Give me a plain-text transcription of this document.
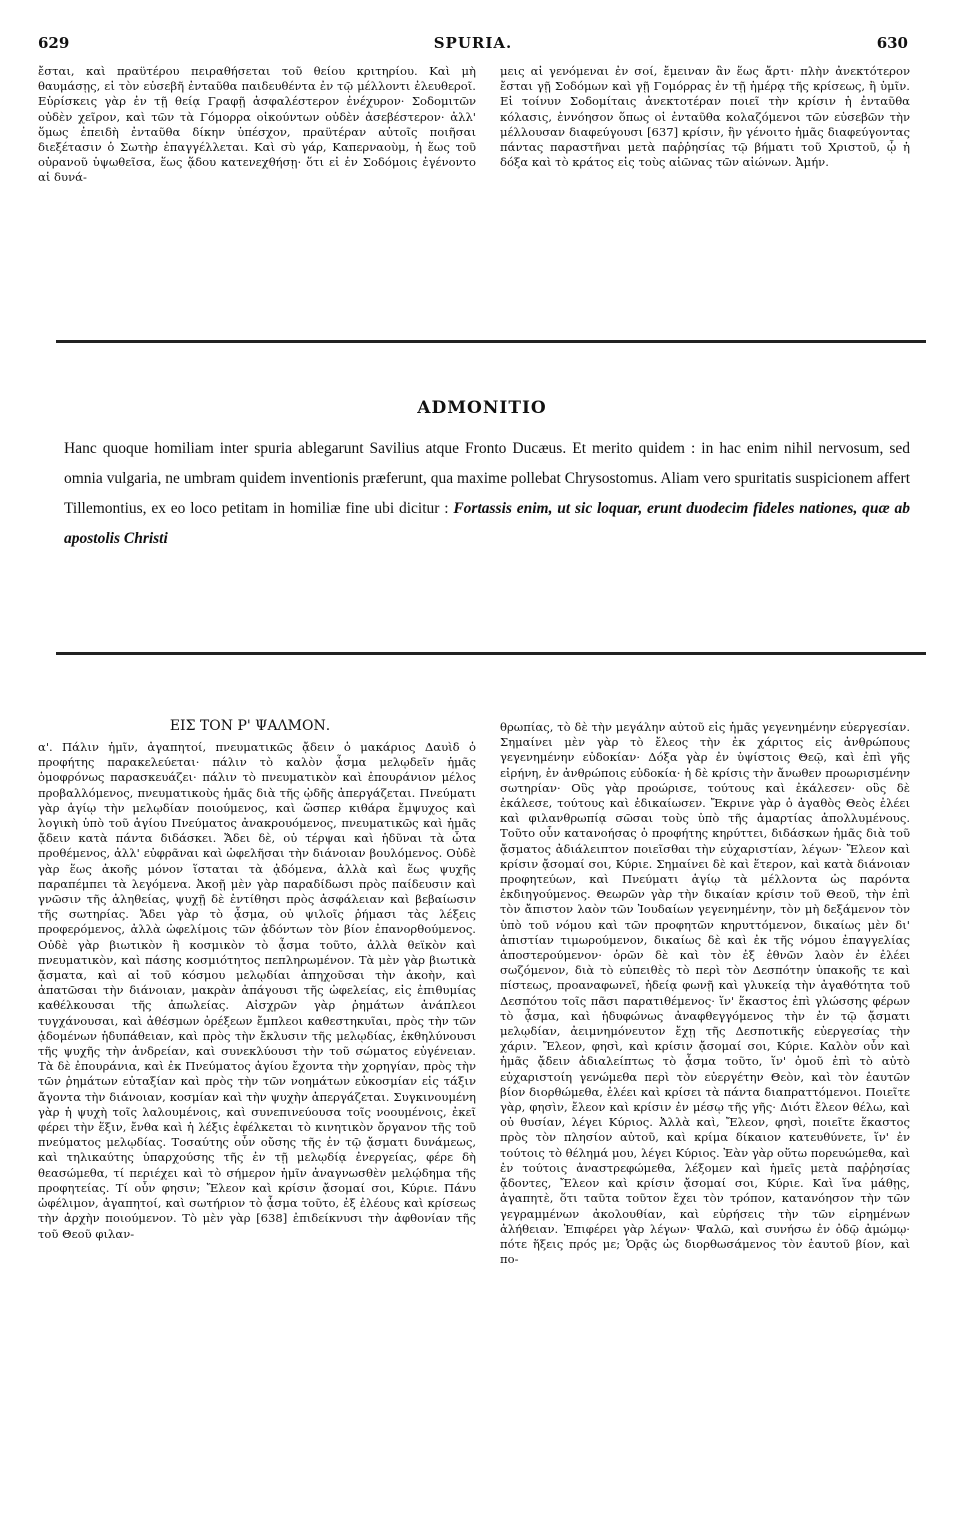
629	SPURIA.	630

ἔσται, καὶ πραϋτέρου πειραθήσεται τοῦ θείου κριτηρίου. Καὶ μὴ θαυμάσῃς, εἰ τὸν εὐσεβῆ ἐνταῦθα παιδευθέντα ἐν τῷ μέλλοντι ἐλευθεροῖ. Εὑρίσκεις γὰρ ἐν τῇ θείᾳ Γραφῇ ἀσφαλέστερον ἐνέχυρον· Σοδομιτῶν οὐδὲν χεῖρον, καὶ τῶν τὰ Γόμορρα οἰκούντων οὐδὲν ἀσεβέστερον· ἀλλ' ὅμως ἐπειδὴ ἐνταῦθα δίκην ὑπέσχον, πραϋτέραν αὐτοῖς ποιῆσαι διεξέτασιν ὁ Σωτὴρ ἐπαγγέλλεται. Καὶ σὺ γάρ, Καπερναοὺμ, ἡ ἕως τοῦ οὐρανοῦ ὑψωθεῖσα, ἕως ᾅδου κατενεχθήσῃ· ὅτι εἰ ἐν Σοδόμοις ἐγένοντο αἱ δυνά-

μεις αἱ γενόμεναι ἐν σοί, ἔμειναν ἂν ἕως ἄρτι· πλὴν ἀνεκτότερον ἔσται γῇ Σοδόμων καὶ γῇ Γομόρρας ἐν τῇ ἡμέρᾳ τῆς κρίσεως, ἢ ὑμῖν. Εἰ τοίνυν Σοδομίταις ἀνεκτοτέραν ποιεῖ τὴν κρίσιν ἡ ἐνταῦθα κόλασις, ἐννόησον ὅπως οἱ ἐνταῦθα κολαζόμενοι τῶν εὐσεβῶν τὴν μέλλουσαν διαφεύγουσι [637] κρίσιν, ἣν γένοιτο ἡμᾶς διαφεύγοντας πάντας παραστῆναι μετὰ παῤῥησίας τῷ βήματι τοῦ Χριστοῦ, ᾧ ἡ δόξα καὶ τὸ κράτος εἰς τοὺς αἰῶνας τῶν αἰώνων. Ἀμήν.

ADMONITIO
Hanc quoque homiliam inter spuria ablegarunt Savilius atque Fronto Ducæus. Et merito quidem : in hac enim nihil nervosum, sed omnia vulgaria, ne umbram quidem inventionis præferunt, qua maxime pollebat Chrysostomus. Aliam vero spuritatis suspicionem affert Tillemontius, ex eo loco petitam in homiliæ fine ubi dicitur : Fortassis enim, ut sic loquar, erunt duodecim fideles nationes, quæ ab apostolis Christi
ΕΙΣ ΤΟΝ Ρ' ΨΑΛΜΟΝ.

α'. Πάλιν ἡμῖν, ἀγαπητοί, πνευματικῶς ᾄδειν ὁ μακάριος Δαυὶδ ὁ προφήτης παρακελεύεται· πάλιν τὸ καλὸν ᾆσμα μελῳδεῖν ἡμᾶς ὁμοφρόνως παρασκευάζει· πάλιν τὸ πνευματικὸν καὶ ἐπουράνιον μέλος προβαλλόμενος, πνευματικοὺς ἡμᾶς διὰ τῆς ᾠδῆς ἀπεργάζεται. Πνεύματι γὰρ ἁγίῳ τὴν μελῳδίαν ποιούμενος, καὶ ὥσπερ κιθάρα ἔμψυχος καὶ λογικὴ ὑπὸ τοῦ ἁγίου Πνεύματος ἀνακρουόμενος, πνευματικῶς καὶ ἡμᾶς ᾄδειν κατὰ πάντα διδάσκει. Ἄδει δὲ, οὐ τέρψαι καὶ ἡδῦναι τὰ ὦτα προθέμενος, ἀλλ' εὐφρᾶναι καὶ ὠφελῆσαι τὴν διάνοιαν βουλόμενος. Οὐδὲ γὰρ ἕως ἀκοῆς μόνον ἵσταται τὰ ᾀδόμενα, ἀλλὰ καὶ ἕως ψυχῆς παραπέμπει τὰ λεγόμενα. Ἀκοῇ μὲν γὰρ παραδίδωσι πρὸς παίδευσιν καὶ γνῶσιν τῆς ἀληθείας, ψυχῇ δὲ ἐντίθησι πρὸς ἀσφάλειαν καὶ βεβαίωσιν τῆς σωτηρίας. Ἄδει γὰρ τὸ ᾆσμα, οὐ ψιλοῖς ῥήμασι τὰς λέξεις προφερόμενος, ἀλλὰ ὠφελίμοις τῶν ᾀδόντων τὸν βίον ἐπανορθούμενος. Οὐδὲ γὰρ βιωτικὸν ἢ κοσμικὸν τὸ ᾆσμα τοῦτο, ἀλλὰ θεϊκὸν καὶ πνευματικὸν, καὶ πάσης κοσμιότητος πεπληρωμένον. Τὰ μὲν γὰρ βιωτικὰ ᾄσματα, καὶ αἱ τοῦ κόσμου μελῳδίαι ἀπηχοῦσαι τὴν ἀκοὴν, καὶ ἀπατῶσαι τὴν διάνοιαν, μακρὰν ἀπάγουσι τῆς ὠφελείας, εἰς ἐπιθυμίας καθέλκουσαι τῆς ἀπωλείας. Αἰσχρῶν γὰρ ῥημάτων ἀνάπλεοι τυγχάνουσαι, καὶ ἀθέσμων ὀρέξεων ἔμπλεοι καθεστηκυῖαι, πρὸς τὴν τῶν ᾀδομένων ἡδυπάθειαν, καὶ πρὸς τὴν ἔκλυσιν τῆς μελῳδίας, ἐκθηλύνουσι τῆς ψυχῆς τὴν ἀνδρείαν, καὶ συνεκλύουσι τὴν τοῦ σώματος εὐγένειαν. Τὰ δὲ ἐπουράνια, καὶ ἐκ Πνεύματος ἁγίου ἔχοντα τὴν χορηγίαν, πρὸς τὴν τῶν ῥημάτων εὐταξίαν καὶ πρὸς τὴν τῶν νοημάτων εὐκοσμίαν εἰς τάξιν ἄγοντα τὴν διάνοιαν, κοσμίαν καὶ τὴν ψυχὴν ἀπεργάζεται. Συγκινουμένη γὰρ ἡ ψυχὴ τοῖς λαλουμένοις, καὶ συνεπινεύουσα τοῖς νοουμένοις, ἐκεῖ φέρει τὴν ἕξιν, ἔνθα καὶ ἡ λέξις ἐφέλκεται τὸ κινητικὸν ὄργανον τῆς τοῦ πνεύματος μελῳδίας. Τοσαύτης οὖν οὔσης τῆς ἐν τῷ ᾄσματι δυνάμεως, καὶ τηλικαύτης ὑπαρχούσης τῆς ἐν τῇ μελῳδίᾳ ἐνεργείας, φέρε δὴ θεασώμεθα, τί περιέχει καὶ τὸ σήμερον ἡμῖν ἀναγνωσθὲν μελῴδημα τῆς προφητείας. Τί οὖν φησιν; Ἔλεον καὶ κρίσιν ᾄσομαί σοι, Κύριε. Πάνυ ὠφέλιμον, ἀγαπητοί, καὶ σωτήριον τὸ ᾆσμα τοῦτο, ἐξ ἐλέους καὶ κρίσεως τὴν ἀρχὴν ποιούμενον. Τὸ μὲν γὰρ [638] ἐπιδείκνυσι τὴν ἀφθονίαν τῆς τοῦ Θεοῦ φιλαν-

θρωπίας, τὸ δὲ τὴν μεγάλην αὐτοῦ εἰς ἡμᾶς γεγενημένην εὐεργεσίαν. Σημαίνει μὲν γὰρ τὸ ἔλεος τὴν ἐκ χάριτος εἰς ἀνθρώπους γεγενημένην εὐδοκίαν· Δόξα γὰρ ἐν ὑψίστοις Θεῷ, καὶ ἐπὶ γῆς εἰρήνη, ἐν ἀνθρώποις εὐδοκία· ἡ δὲ κρίσις τὴν ἄνωθεν προωρισμένην σωτηρίαν· Οὓς γὰρ προώρισε, τούτους καὶ ἐκάλεσεν· οὓς δὲ ἐκάλεσε, τούτους καὶ ἐδικαίωσεν. Ἔκρινε γὰρ ὁ ἀγαθὸς Θεὸς ἐλέει καὶ φιλανθρωπίᾳ σῶσαι τοὺς ὑπὸ τῆς ἁμαρτίας ἀπολλυμένους. Τοῦτο οὖν κατανοήσας ὁ προφήτης κηρύττει, διδάσκων ἡμᾶς διὰ τοῦ ᾄσματος ἀδιάλειπτον ποιεῖσθαι τὴν εὐχαριστίαν, λέγων· Ἔλεον καὶ κρίσιν ᾄσομαί σοι, Κύριε. Σημαίνει δὲ καὶ ἕτερον, καὶ κατὰ διάνοιαν προφητεύων, καὶ Πνεύματι ἁγίῳ τὰ μέλλοντα ὡς παρόντα ἐκδιηγούμενος. Θεωρῶν γὰρ τὴν δικαίαν κρίσιν τοῦ Θεοῦ, τὴν ἐπὶ τὸν ἄπιστον λαὸν τῶν Ἰουδαίων γεγενημένην, τὸν μὴ δεξάμενον τὸν ὑπὸ τοῦ νόμου καὶ τῶν προφητῶν κηρυττόμενον, δικαίως μὲν δι' ἀπιστίαν τιμωρούμενον, δικαίως δὲ καὶ ἐκ τῆς νόμου ἐπαγγελίας ἀποστερούμενον· ὁρῶν δὲ καὶ τὸν ἐξ ἐθνῶν λαὸν ἐν ἐλέει σωζόμενον, διὰ τὸ εὐπειθὲς τὸ περὶ τὸν Δεσπότην ὑπακοῆς τε καὶ πίστεως, προαναφωνεῖ, ἡδείᾳ φωνῇ καὶ γλυκείᾳ τὴν ἀγαθότητα τοῦ Δεσπότου τοῖς πᾶσι παρατιθέμενος· ἵν' ἕκαστος ἐπὶ γλώσσης φέρων τὸ ᾆσμα, καὶ ἡδυφώνως ἀναφθεγγόμενος τὴν ἐν τῷ ᾄσματι μελῳδίαν, ἀειμνημόνευτον ἔχῃ τῆς Δεσποτικῆς εὐεργεσίας τὴν χάριν. Ἔλεον, φησὶ, καὶ κρίσιν ᾄσομαί σοι, Κύριε. Καλὸν οὖν καὶ ἡμᾶς ᾄδειν ἀδιαλείπτως τὸ ᾆσμα τοῦτο, ἵν' ὁμοῦ ἐπὶ τὸ αὐτὸ εὐχαριστοίη γενώμεθα περὶ τὸν εὐεργέτην Θεὸν, καὶ τὸν ἑαυτῶν βίον διορθώμεθα, ἐλέει καὶ κρίσει τὰ πάντα διαπραττόμενοι. Ποιεῖτε γὰρ, φησὶν, ἔλεον καὶ κρίσιν ἐν μέσῳ τῆς γῆς· Διότι ἔλεον θέλω, καὶ οὐ θυσίαν, λέγει Κύριος. Ἀλλὰ καὶ, Ἔλεον, φησὶ, ποιεῖτε ἕκαστος πρὸς τὸν πλησίον αὐτοῦ, καὶ κρίμα δίκαιον κατευθύνετε, ἵν' ἐν τούτοις τὸ θέλημά μου, λέγει Κύριος. Ἐὰν γὰρ οὕτω πορευώμεθα, καὶ ἐν τούτοις ἀναστρεφώμεθα, λέξομεν καὶ ἡμεῖς μετὰ παῤῥησίας ᾄδοντες, Ἔλεον καὶ κρίσιν ᾄσομαί σοι, Κύριε. Καὶ ἵνα μάθῃς, ἀγαπητὲ, ὅτι ταῦτα τοῦτον ἔχει τὸν τρόπον, κατανόησον τὴν τῶν γεγραμμένων ἀκολουθίαν, καὶ εὑρήσεις τὴν τῶν εἰρημένων ἀλήθειαν. Ἐπιφέρει γὰρ λέγων· Ψαλῶ, καὶ συνήσω ἐν ὁδῷ ἀμώμῳ· πότε ἥξεις πρός με; Ὁρᾷς ὡς διορθωσάμενος τὸν ἑαυτοῦ βίον, καὶ πο-
